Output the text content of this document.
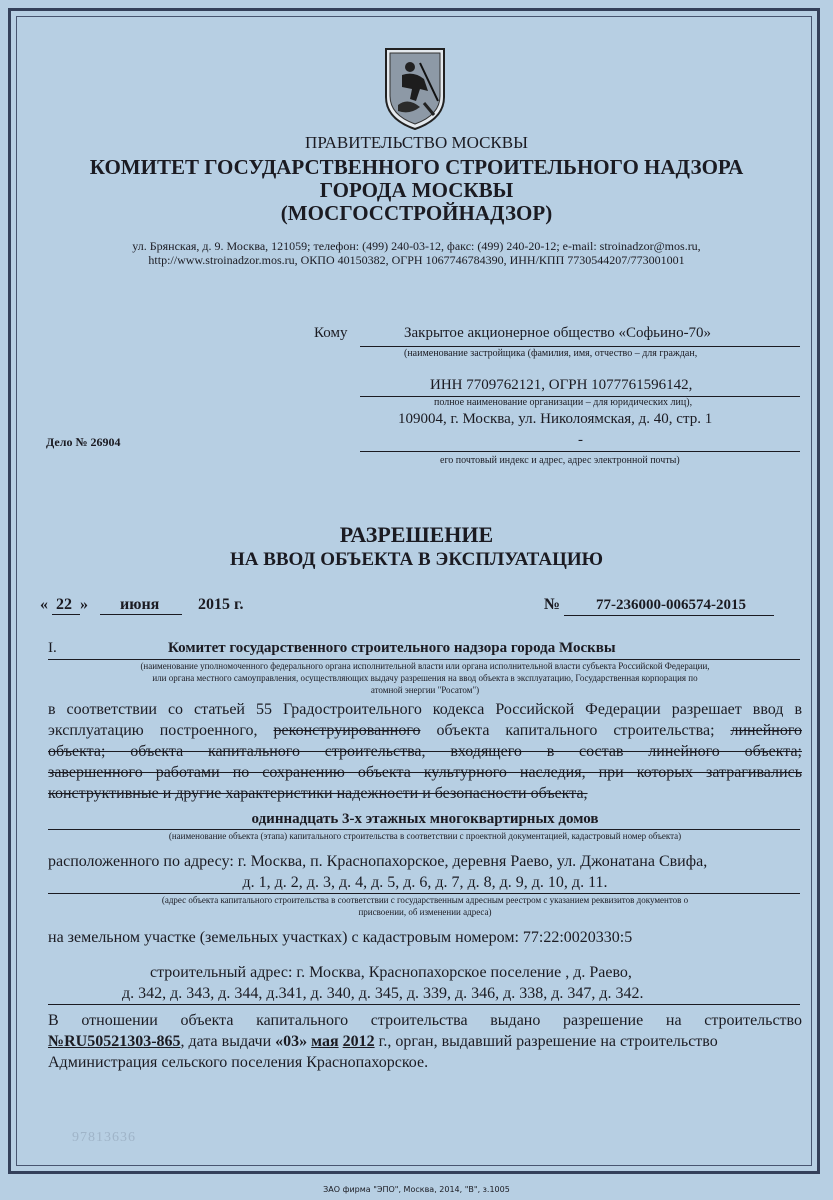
ПРАВИТЕЛЬСТВО МОСКВЫ
КОМИТЕТ ГОСУДАРСТВЕННОГО СТРОИТЕЛЬНОГО НАДЗОРА
ГОРОДА МОСКВЫ
(МОСГОССТРОЙНАДЗОР)
ул. Брянская, д. 9. Москва, 121059; телефон: (499) 240-03-12, факс: (499) 240-20-12; e-mail: stroinadzor@mos.ru,
http://www.stroinadzor.mos.ru, ОКПО 40150382, ОГРН 1067746784390, ИНН/КПП 7730544207/773001001
Кому	Закрытое акционерное общество «Софьино-70»
(наименование застройщика (фамилия, имя, отчество – для граждан,
ИНН 7709762121, ОГРН 1077761596142,
полное наименование организации – для юридических лиц),
109004, г. Москва, ул. Николоямская, д. 40, стр. 1
-
его почтовый индекс и адрес, адрес электронной почты)
Дело № 26904
РАЗРЕШЕНИЕ
НА ВВОД ОБЪЕКТА В ЭКСПЛУАТАЦИЮ
« 22 » июня 2015 г.	№ 77-236000-006574-2015
I.	Комитет государственного строительного надзора города Москвы
(наименование уполномоченного федерального органа исполнительной власти или органа исполнительной власти субъекта Российской Федерации,
или органа местного самоуправления, осуществляющих выдачу разрешения на ввод объекта в эксплуатацию, Государственная корпорация по
атомной энергии "Росатом")
в соответствии со статьей 55 Градостроительного кодекса Российской Федерации разрешает ввод в
эксплуатацию построенного, реконструированного объекта капитального строительства; линейного
объекта; объекта капитального строительства, входящего в состав линейного объекта;
завершенного работами по сохранению объекта культурного наследия, при которых затрагивались
конструктивные и другие характеристики надежности и безопасности объекта,
одиннадцать 3-х этажных многоквартирных домов
(наименование объекта (этапа) капитального строительства в соответствии с проектной документацией, кадастровый номер объекта)
расположенного по адресу: г. Москва, п. Краснопахорское, деревня Раево, ул. Джонатана Свифа,
д. 1, д. 2, д. 3, д. 4, д. 5, д. 6, д. 7, д. 8, д. 9, д. 10, д. 11.
(адрес объекта капитального строительства в соответствии с государственным адресным реестром с указанием реквизитов документов о
присвоении, об изменении адреса)
на земельном участке (земельных участках) с кадастровым номером: 77:22:0020330:5
строительный адрес: г. Москва, Краснопахорское поселение , д. Раево,
д. 342, д. 343, д. 344, д.341, д. 340, д. 345, д. 339, д. 346, д. 338, д. 347, д. 342.
В отношении объекта капитального строительства выдано разрешение на строительство
№RU50521303-865, дата выдачи «03» мая 2012 г., орган, выдавший разрешение на строительство
Администрация сельского поселения Краснопахорское.
97813636
ЗАО фирма "ЭПО", Москва, 2014, "В", з.1005
